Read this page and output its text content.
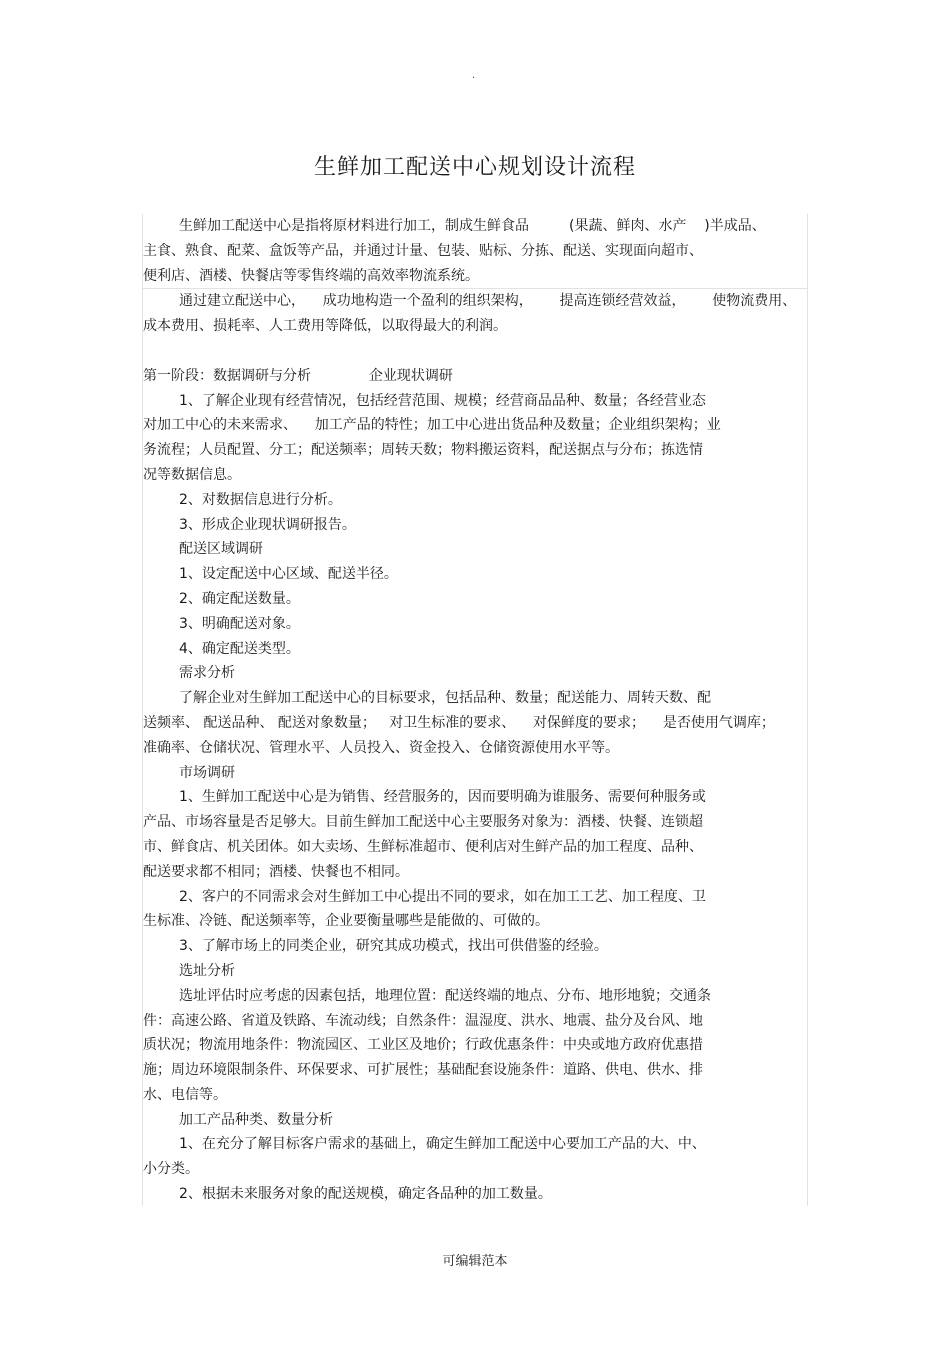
.
生鲜加工配送中心规划设计流程

生鲜加工配送中心是指将原材料进行加工，制成生鲜食品         (果蔬、鲜肉、水产    )半成品、

主食、熟食、配菜、盒饭等产品，并通过计量、包装、贴标、分拣、配送、实现面向超市、

便利店、酒楼、快餐店等零售终端的高效率物流系统。

通过建立配送中心，    成功地构造一个盈利的组织架构，      提高连锁经营效益，      使物流费用、

成本费用、损耗率、人工费用等降低，以取得最大的利润。

第一阶段：数据调研与分析             企业现状调研

1、了解企业现有经营情况，包括经营范围、规模；经营商品品种、数量；各经营业态

对加工中心的未来需求、    加工产品的特性；加工中心进出货品种及数量；企业组织架构；业

务流程；人员配置、分工；配送频率；周转天数；物料搬运资料，配送据点与分布；拣选情

况等数据信息。

2、对数据信息进行分析。

3、形成企业现状调研报告。

配送区域调研

1、设定配送中心区域、配送半径。

2、确定配送数量。

3、明确配送对象。

4、确定配送类型。

需求分析

了解企业对生鲜加工配送中心的目标要求，包括品种、数量；配送能力、周转天数、配

送频率、 配送品种、 配送对象数量；   对卫生标准的要求、    对保鲜度的要求；    是否使用气调库；

准确率、仓储状况、管理水平、人员投入、资金投入、仓储资源使用水平等。

市场调研

1、生鲜加工配送中心是为销售、经营服务的，因而要明确为谁服务、需要何种服务或

产品、市场容量是否足够大。目前生鲜加工配送中心主要服务对象为：酒楼、快餐、连锁超

市、鲜食店、机关团体。如大卖场、生鲜标准超市、便利店对生鲜产品的加工程度、品种、

配送要求都不相同；酒楼、快餐也不相同。

2、客户的不同需求会对生鲜加工中心提出不同的要求，如在加工工艺、加工程度、卫

生标准、冷链、配送频率等，企业要衡量哪些是能做的、可做的。

3、了解市场上的同类企业，研究其成功模式，找出可供借鉴的经验。

选址分析

选址评估时应考虑的因素包括，地理位置：配送终端的地点、分布、地形地貌；交通条

件：高速公路、省道及铁路、车流动线；自然条件：温湿度、洪水、地震、盐分及台风、地

质状况；物流用地条件：物流园区、工业区及地价；行政优惠条件：中央或地方政府优惠措

施；周边环境限制条件、环保要求、可扩展性；基础配套设施条件：道路、供电、供水、排

水、电信等。

加工产品种类、数量分析

1、在充分了解目标客户需求的基础上，确定生鲜加工配送中心要加工产品的大、中、

小分类。

2、根据未来服务对象的配送规模，确定各品种的加工数量。

可编辑范本
